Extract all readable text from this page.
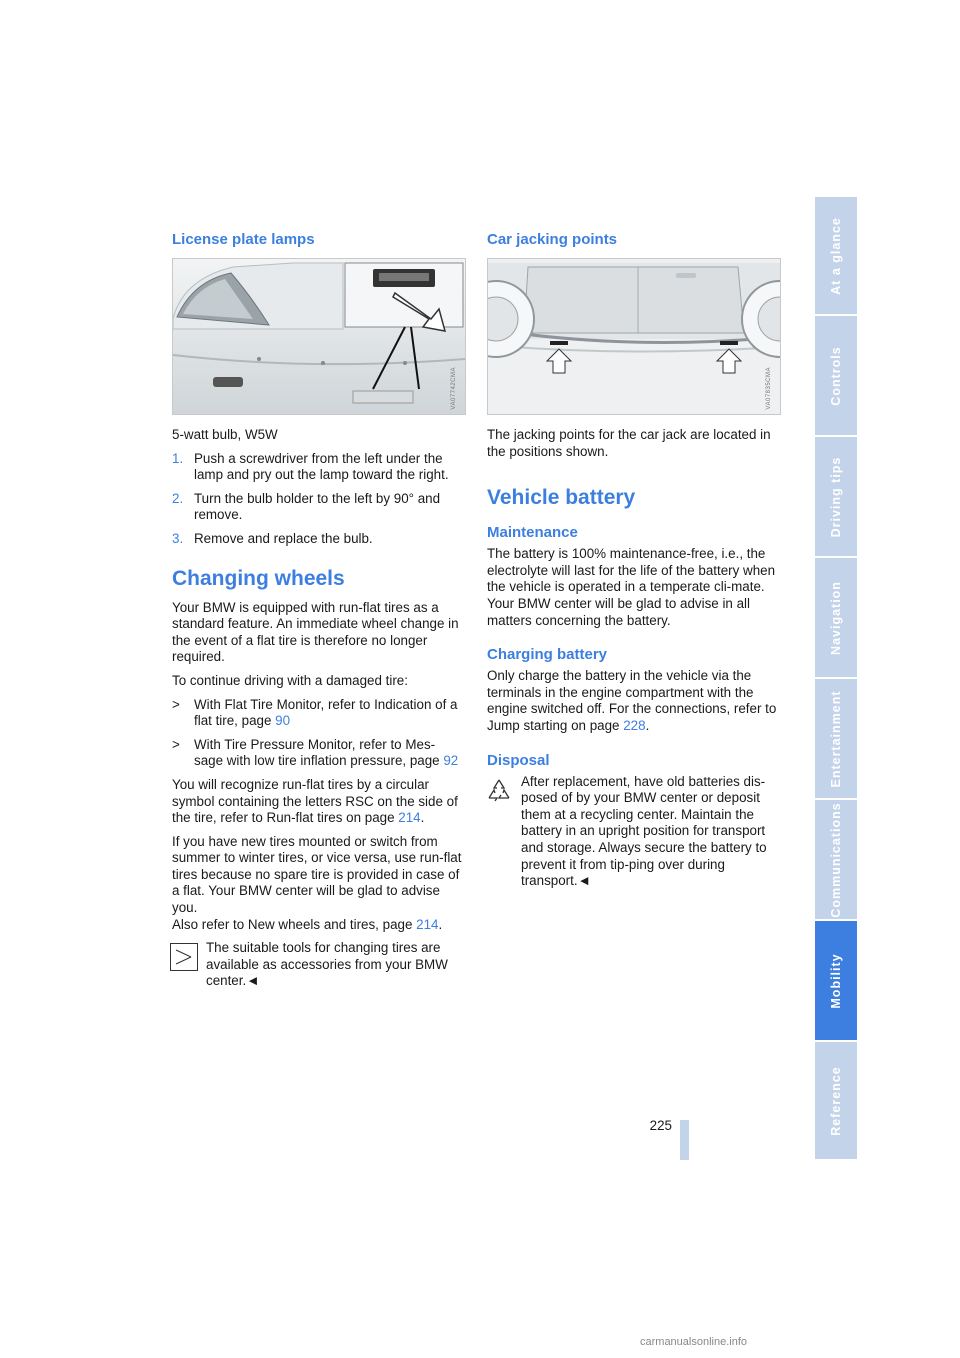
License plate lamps
VA07742CMA

5-watt bulb, W5W

1. Push a screwdriver from the left under the lamp and pry out the lamp toward the right.
2. Turn the bulb holder to the left by 90° and remove.
3. Remove and replace the bulb.
Changing wheels

Your BMW is equipped with run-flat tires as a standard feature. An immediate wheel change in the event of a flat tire is therefore no longer required.

To continue driving with a damaged tire:

> With Flat Tire Monitor, refer to Indication of a flat tire, page 90
> With Tire Pressure Monitor, refer to Mes-sage with low tire inflation pressure, page 92

You will recognize run-flat tires by a circular symbol containing the letters RSC on the side of the tire, refer to Run-flat tires on page 214.

If you have new tires mounted or switch from summer to winter tires, or vice versa, use run-flat tires because no spare tire is provided in case of a flat. Your BMW center will be glad to advise you.

Also refer to New wheels and tires, page 214.

The suitable tools for changing tires are available as accessories from your BMW center.◄
Car jacking points
VA07835CMA

The jacking points for the car jack are located in the positions shown.

Vehicle battery
Maintenance

The battery is 100% maintenance-free, i.e., the electrolyte will last for the life of the battery when the vehicle is operated in a temperate cli-mate.

Your BMW center will be glad to advise in all matters concerning the battery.

Charging battery

Only charge the battery in the vehicle via the terminals in the engine compartment with the engine switched off. For the connections, refer to Jump starting on page 228.

Disposal
After replacement, have old batteries dis-posed of by your BMW center or deposit them at a recycling center. Maintain the battery in an upright position for transport and storage. Always secure the battery to prevent it from tip-ping over during transport.◄
At a glance
Controls
Driving tips
Navigation
Entertainment
Communications
Mobility
Reference
225
carmanualsonline.info
